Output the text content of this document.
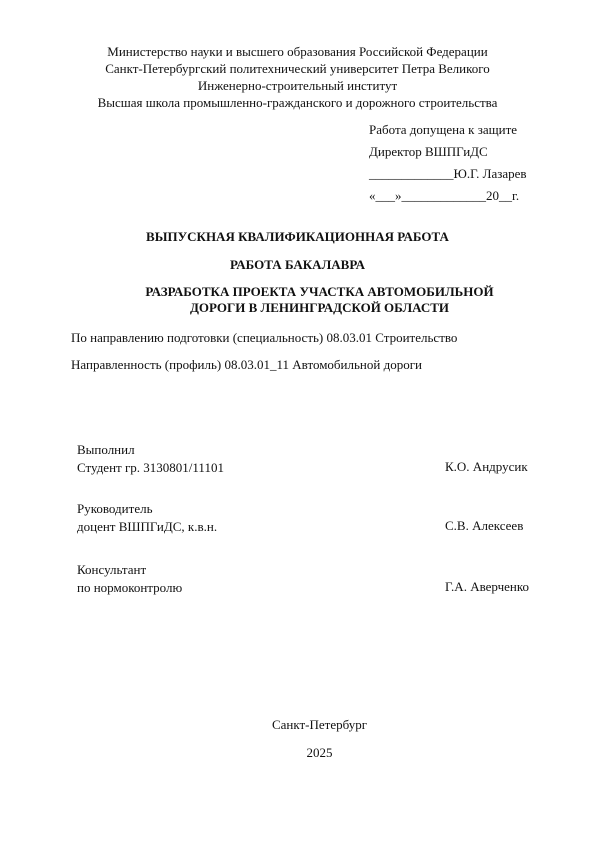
Министерство науки и высшего образования Российской Федерации
Санкт-Петербургский политехнический университет Петра Великого
Инженерно-строительный институт
Высшая школа промышленно-гражданского и дорожного строительства
Работа допущена к защите
Директор ВШПГиДС
_____________Ю.Г. Лазарев
«___»_____________20__г.
ВЫПУСКНАЯ КВАЛИФИКАЦИОННАЯ РАБОТА
РАБОТА БАКАЛАВРА
РАЗРАБОТКА ПРОЕКТА УЧАСТКА АВТОМОБИЛЬНОЙ
ДОРОГИ В ЛЕНИНГРАДСКОЙ ОБЛАСТИ
По направлению подготовки (специальность) 08.03.01 Строительство
Направленность (профиль) 08.03.01_11 Автомобильной дороги
Выполнил
Студент гр. 3130801/11101	К.О. Андрусик
Руководитель
доцент ВШПГиДС, к.в.н.	С.В. Алексеев
Консультант
по нормоконтролю	Г.А. Аверченко
Санкт-Петербург
2025
